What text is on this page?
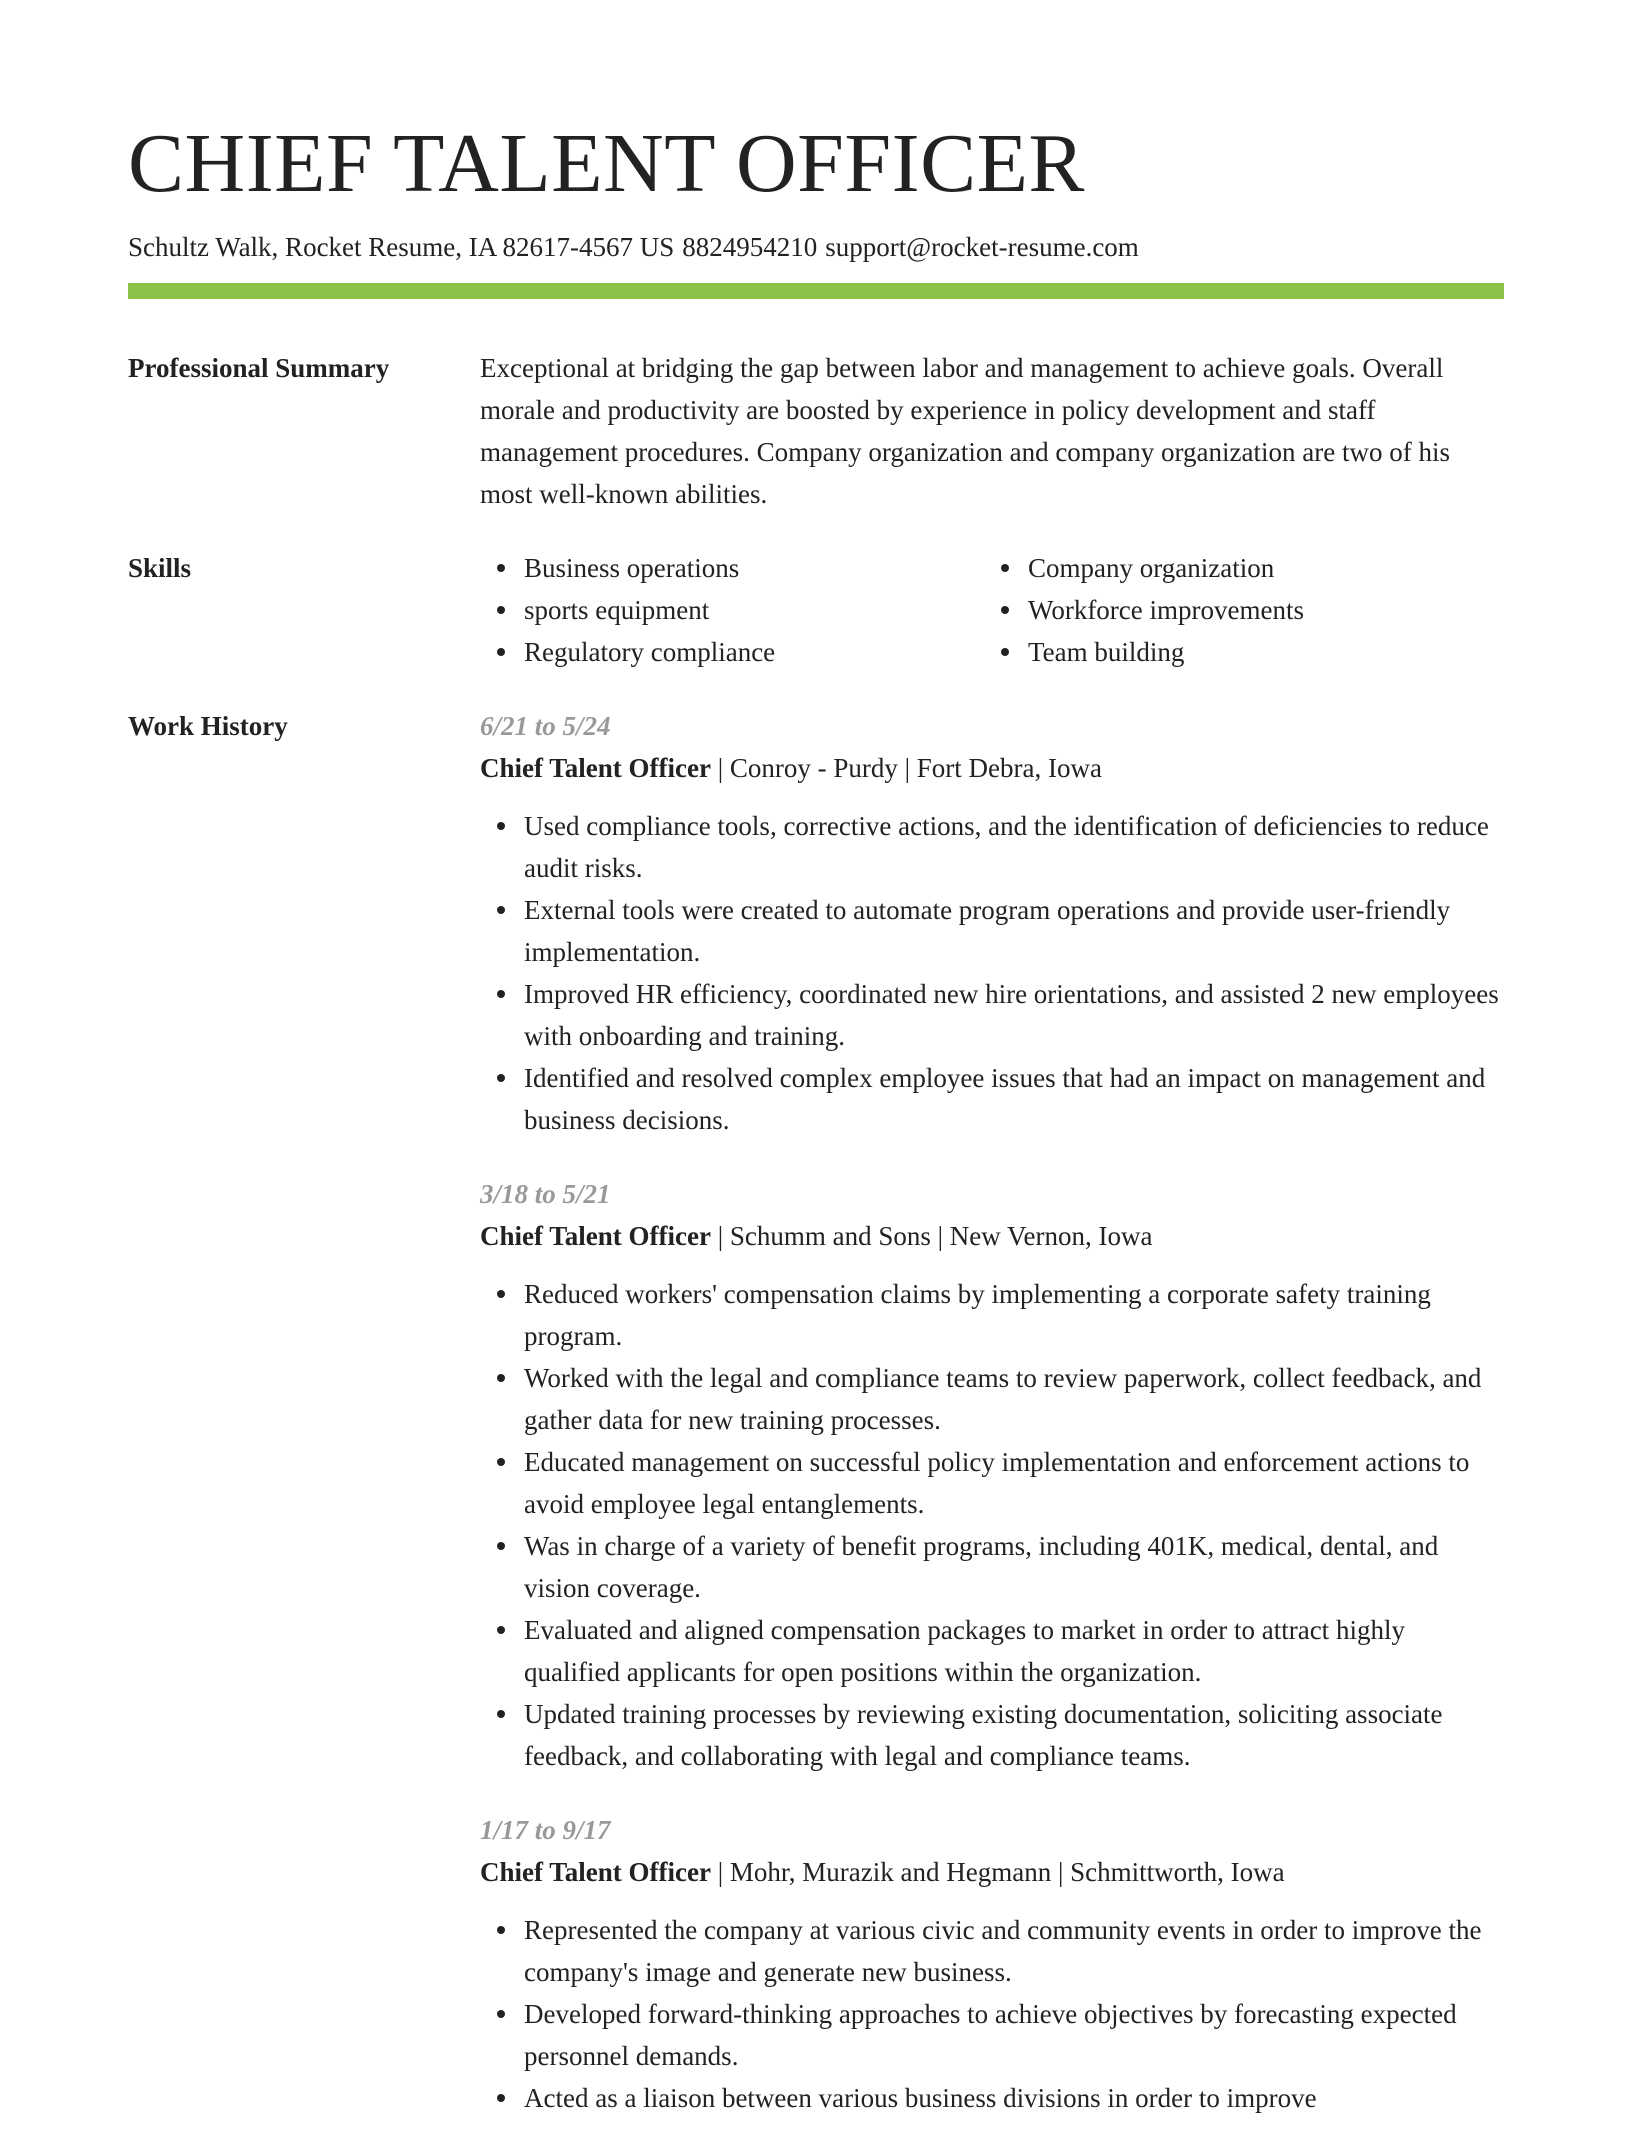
CHIEF TALENT OFFICER
Schultz Walk, Rocket Resume, IA 82617-4567 US 8824954210 support@rocket-resume.com
Professional Summary	Exceptional at bridging the gap between labor and management to achieve goals. Overall morale and productivity are boosted by experience in policy development and staff management procedures. Company organization and company organization are two of his most well-known abilities.

Skills	Business operations
sports equipment
Regulatory compliance
Company organization
Workforce improvements
Team building
Work History	6/21 to 5/24
Chief Talent Officer | Conroy - Purdy | Fort Debra, Iowa
Used compliance tools, corrective actions, and the identification of deficiencies to reduce audit risks.
External tools were created to automate program operations and provide user-friendly implementation.
Improved HR efficiency, coordinated new hire orientations, and assisted 2 new employees with onboarding and training.
Identified and resolved complex employee issues that had an impact on management and business decisions.
3/18 to 5/21
Chief Talent Officer | Schumm and Sons | New Vernon, Iowa
Reduced workers' compensation claims by implementing a corporate safety training program.
Worked with the legal and compliance teams to review paperwork, collect feedback, and gather data for new training processes.
Educated management on successful policy implementation and enforcement actions to avoid employee legal entanglements.
Was in charge of a variety of benefit programs, including 401K, medical, dental, and vision coverage.
Evaluated and aligned compensation packages to market in order to attract highly qualified applicants for open positions within the organization.
Updated training processes by reviewing existing documentation, soliciting associate feedback, and collaborating with legal and compliance teams.
1/17 to 9/17
Chief Talent Officer | Mohr, Murazik and Hegmann | Schmittworth, Iowa
Represented the company at various civic and community events in order to improve the company's image and generate new business.
Developed forward-thinking approaches to achieve objectives by forecasting expected personnel demands.
Acted as a liaison between various business divisions in order to improve
